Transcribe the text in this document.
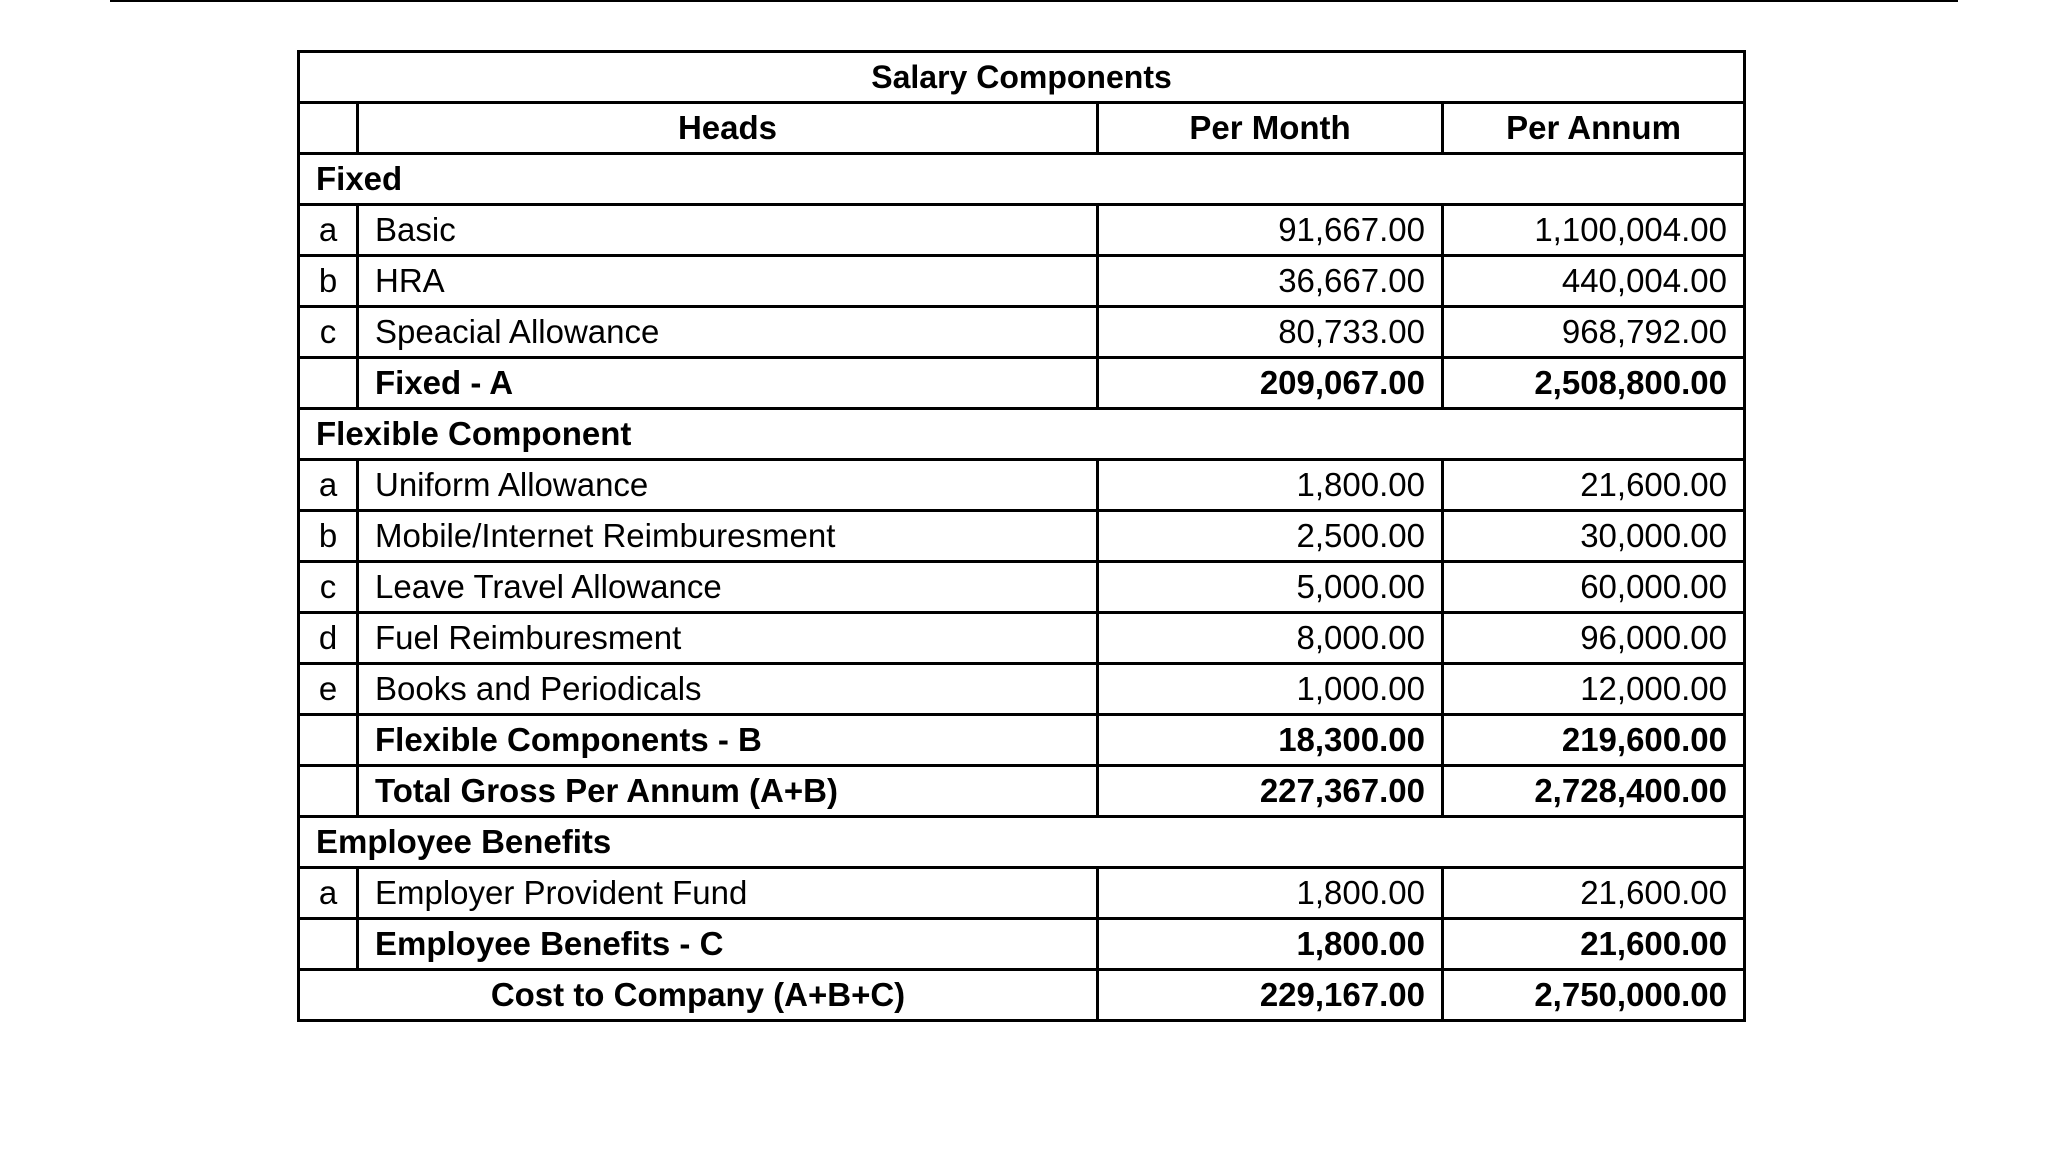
Salary Components			
	Heads	Per Month	Per Annum
Fixed			
a	Basic	91,667.00	1,100,004.00
b	HRA	36,667.00	440,004.00
c	Speacial Allowance	80,733.00	968,792.00
	Fixed - A	209,067.00	2,508,800.00
Flexible Component			
a	Uniform Allowance	1,800.00	21,600.00
b	Mobile/Internet Reimburesment	2,500.00	30,000.00
c	Leave Travel Allowance	5,000.00	60,000.00
d	Fuel Reimburesment	8,000.00	96,000.00
e	Books and Periodicals	1,000.00	12,000.00
	Flexible Components - B	18,300.00	219,600.00
	Total Gross Per Annum (A+B)	227,367.00	2,728,400.00
Employee Benefits			
a	Employer Provident Fund	1,800.00	21,600.00
	Employee Benefits - C	1,800.00	21,600.00
Cost to Company (A+B+C)		229,167.00	2,750,000.00
